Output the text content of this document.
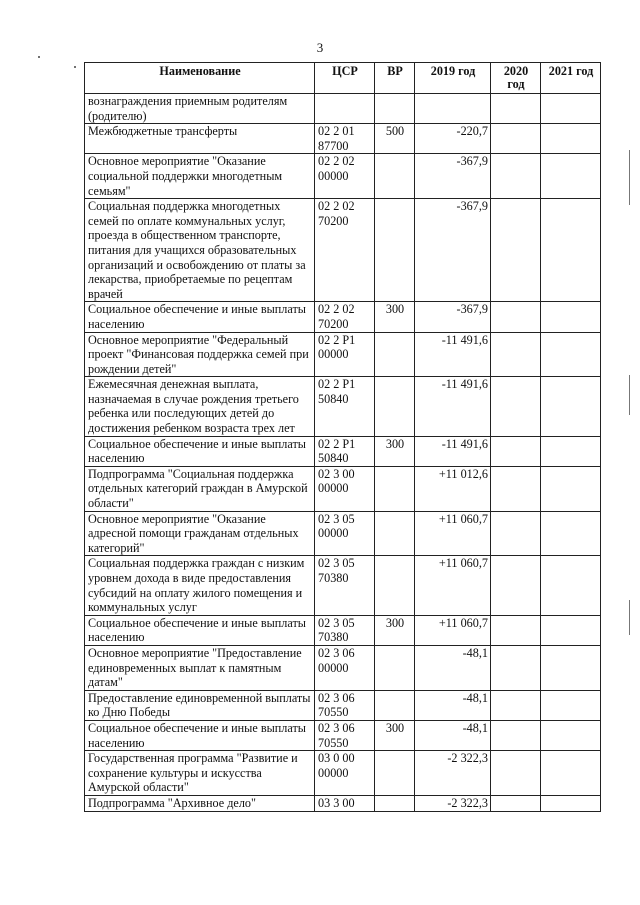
3
Наименование	ЦСР	ВР	2019 год	2020 год	2021 год
вознаграждения приемным родителям (родителю)					
Межбюджетные трансферты	02 2 01 87700	500	-220,7		
Основное мероприятие "Оказание социальной поддержки многодетным семьям"	02 2 02 00000		-367,9		
Социальная поддержка многодетных семей по оплате коммунальных услуг, проезда в общественном транспорте, питания для учащихся образовательных организаций и освобождению от платы за лекарства, приобретаемые по рецептам врачей	02 2 02 70200		-367,9		
Социальное обеспечение и иные выплаты населению	02 2 02 70200	300	-367,9		
Основное мероприятие "Федеральный проект "Финансовая поддержка семей при рождении детей"	02 2 P1 00000		-11 491,6		
Ежемесячная денежная выплата, назначаемая в случае рождения третьего ребенка или последующих детей до достижения ребенком возраста трех лет	02 2 P1 50840		-11 491,6		
Социальное обеспечение и иные выплаты населению	02 2 P1 50840	300	-11 491,6		
Подпрограмма "Социальная поддержка отдельных категорий граждан в Амурской области"	02 3 00 00000		+11 012,6		
Основное мероприятие "Оказание адресной помощи гражданам отдельных категорий"	02 3 05 00000		+11 060,7		
Социальная поддержка граждан с низким уровнем дохода в виде предоставления субсидий на оплату жилого помещения и коммунальных услуг	02 3 05 70380		+11 060,7		
Социальное обеспечение и иные выплаты населению	02 3 05 70380	300	+11 060,7		
Основное мероприятие "Предоставление единовременных выплат к памятным датам"	02 3 06 00000		-48,1		
Предоставление единовременной выплаты ко Дню Победы	02 3 06 70550		-48,1		
Социальное обеспечение и иные выплаты населению	02 3 06 70550	300	-48,1		
Государственная программа "Развитие и сохранение культуры и искусства Амурской области"	03 0 00 00000		-2 322,3		
Подпрограмма "Архивное дело"	03 3 00		-2 322,3		
